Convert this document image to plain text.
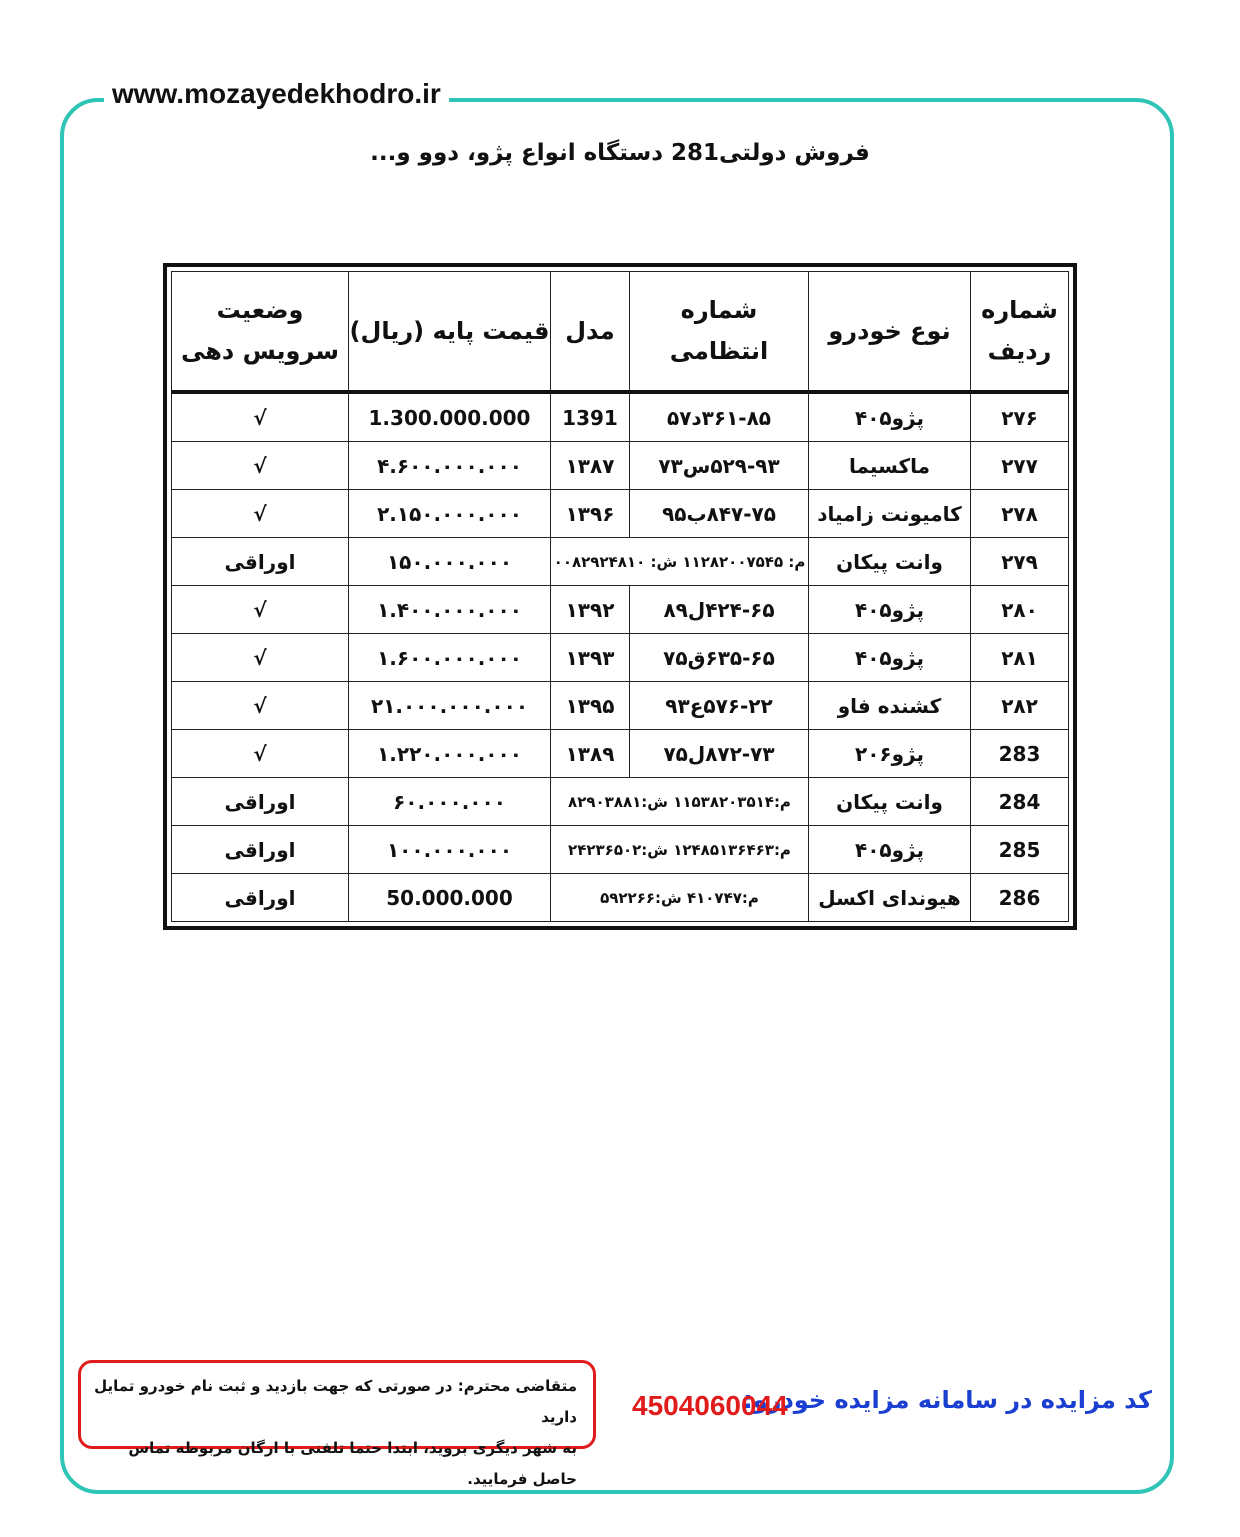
www.mozayedekhodro.ir
فروش دولتی281 دستگاه انواع پژو، دوو و...
شماره ردیف	نوع خودرو	شماره انتظامی	مدل	قیمت پایه (ریال)	وضعیت سرویس دهی
۲۷۶	پژو۴۰۵	۳۶۱-۸۵د۵۷	1391	1.300.000.000	√
۲۷۷	ماکسیما	۵۲۹-۹۳س۷۳	۱۳۸۷	۴.۶۰۰.۰۰۰.۰۰۰	√
۲۷۸	کامیونت زامیاد	۸۴۷-۷۵ب۹۵	۱۳۹۶	۲.۱۵۰.۰۰۰.۰۰۰	√
۲۷۹	وانت پیکان	م: ۱۱۲۸۲۰۰۷۵۴۵ ش: ۰۰۸۲۹۲۴۸۱۰		۱۵۰.۰۰۰.۰۰۰	اوراقی
۲۸۰	پژو۴۰۵	۴۲۴-۶۵ل۸۹	۱۳۹۲	۱.۴۰۰.۰۰۰.۰۰۰	√
۲۸۱	پژو۴۰۵	۶۳۵-۶۵ق۷۵	۱۳۹۳	۱.۶۰۰.۰۰۰.۰۰۰	√
۲۸۲	کشنده فاو	۵۷۶-۲۲ع۹۳	۱۳۹۵	۲۱.۰۰۰.۰۰۰.۰۰۰	√
283	پژو۲۰۶	۸۷۲-۷۳ل۷۵	۱۳۸۹	۱.۲۲۰.۰۰۰.۰۰۰	√
284	وانت پیکان	م:۱۱۵۳۸۲۰۳۵۱۴ ش:۸۲۹۰۳۸۸۱		۶۰.۰۰۰.۰۰۰	اوراقی
285	پژو۴۰۵	م:۱۲۴۸۵۱۳۶۴۶۳ ش:۲۴۲۳۶۵۰۲		۱۰۰.۰۰۰.۰۰۰	اوراقی
286	هیوندای اکسل	م:۴۱۰۷۴۷ ش:۵۹۲۲۶۶		50.000.000	اوراقی
کد مزایده در سامانه مزایده خودرو:
4504060044
متقاضی محترم: در صورتی که جهت بازدید و ثبت نام خودرو تمایل دارید
به شهر دیگری بروید، ابتدا حتما تلفنی با ارگان مربوطه تماس حاصل فرمایید.
